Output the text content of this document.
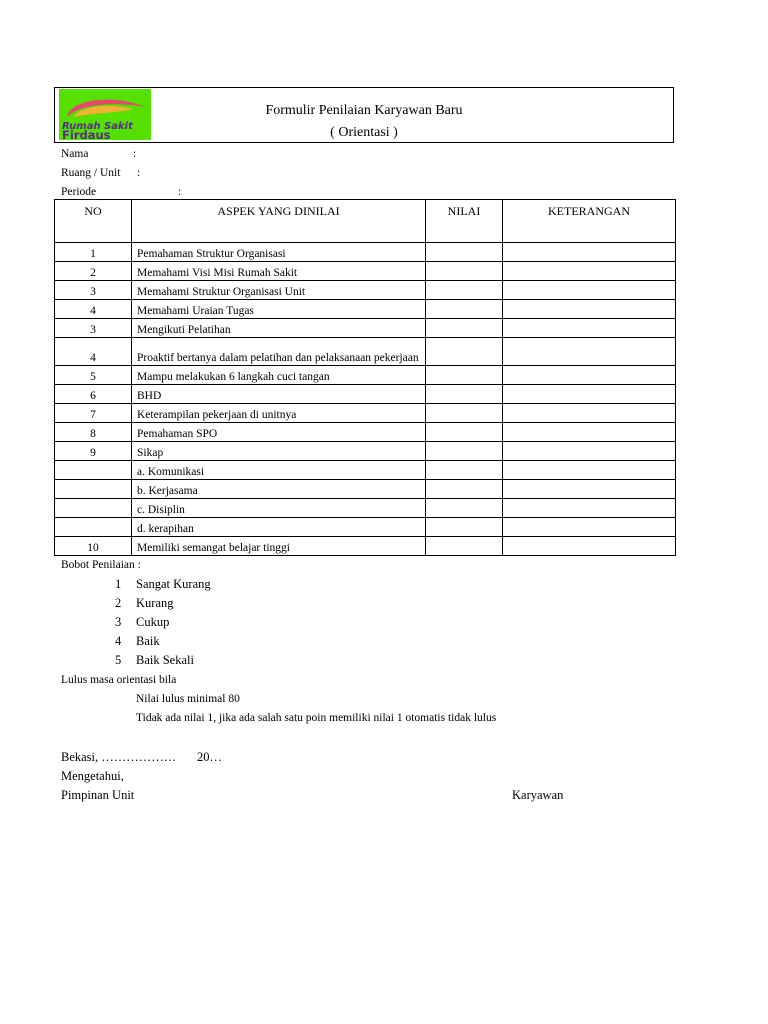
Rumah Sakit
Firdaus
Formulir Penilaian Karyawan Baru
( Orientasi )
Nama	:
Ruang / Unit :
Periode	:
NO	ASPEK YANG DINILAI	NILAI	KETERANGAN
1	Pemahaman Struktur Organisasi		
2	Memahami Visi Misi Rumah Sakit		
3	Memahami Struktur Organisasi Unit		
4	Memahami Uraian Tugas		
3	Mengikuti Pelatihan		
4	Proaktif bertanya dalam pelatihan dan pelaksanaan pekerjaan		
5	Mampu melakukan 6 langkah cuci tangan		
6	BHD		
7	Keterampilan pekerjaan di unitnya		
8	Pemahaman SPO		
9	Sikap		
	a. Komunikasi		
	b. Kerjasama		
	c. Disiplin		
	d. kerapihan		
10	Memiliki semangat belajar tinggi		
Bobot Penilaian :
1 Sangat Kurang
2 Kurang
3 Cukup
4 Baik
5 Baik Sekali
Lulus masa orientasi bila
Nilai lulus minimal 80
Tidak ada nilai 1, jika ada salah satu poin memiliki nilai 1 otomatis tidak lulus
Bekasi, ……………… 20…
Mengetahui,
Pimpinan Unit	Karyawan
